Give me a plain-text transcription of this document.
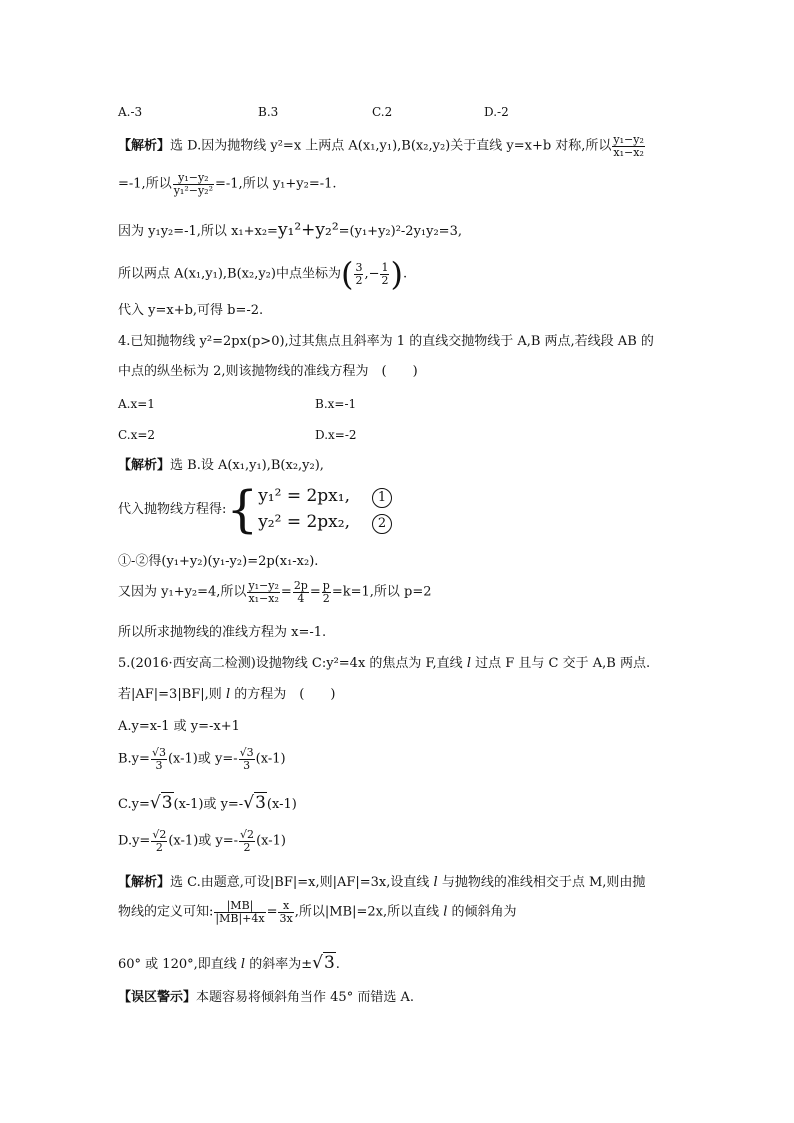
A.-3	B.3	C.2	D.-2
【解析】选 D.因为抛物线 y²=x 上两点 A(x₁,y₁),B(x₂,y₂)关于直线 y=x+b 对称,所以 $\frac{\text{y₁−y₂}}{\text{x₁−x₂}}$
=-1,所以 $\frac{\text{y₁−y₂}}{\text{y₁²−y₂²}} =-1$,所以 y₁+y₂=-1.
因为 y₁y₂=-1,所以 x₁+x₂=y₁²+y₂²=(y₁+y₂)²-2y₁y₂=3,
所以两点 A(x₁,y₁),B(x₂,y₂)中点坐标为( $\frac{3}{2}$ ,− $\frac{1}{2}$ ).
代入 y=x+b,可得 b=-2.
4.已知抛物线 y²=2px(p>0),过其焦点且斜率为 1 的直线交抛物线于 A,B 两点,若线段 AB 的
中点的纵坐标为 2,则该抛物线的准线方程为　(　　)
A.x=1	B.x=-1
C.x=2	D.x=-2
【解析】选 B.设 A(x₁,y₁),B(x₂,y₂),
代入抛物线方程得:{ y₁² = 2px₁, 1
y₂² = 2px₂, 2
①-②得(y₁+y₂)(y₁-y₂)=2p(x₁-x₂).
又因为 y₁+y₂=4,所以 $\frac{\text{y₁−y₂}}{\text{x₁−x₂}} = \frac{2p}{4} = \frac{p}{2} =k=1$,所以 p=2
所以所求抛物线的准线方程为 x=-1.
5.(2016·西安高二检测)设抛物线 C:y²=4x 的焦点为 F,直线 l 过点 F 且与 C 交于 A,B 两点.
若|AF|=3|BF|,则 l 的方程为　(　　)
A.y=x-1 或 y=-x+1
$B.y= \frac{√3}{3} (x-1)$或 $y=- \frac{√3}{3} (x-1)$
C.y=√3(x-1)或 y=-√3(x-1)
$D.y= \frac{√2}{2} (x-1)$或 $y=- \frac{√2}{2} (x-1)$
【解析】选 C.由题意,可设|BF|=x,则|AF|=3x,设直线 l 与抛物线的准线相交于点 M,则由抛
物线的定义可知: $\frac{|MB|}{|MB|+4x} = \frac{x}{3x}$ ,所以|MB|=2x,所以直线 l 的倾斜角为
60° 或 120°,即直线 l 的斜率为±√3.
【误区警示】本题容易将倾斜角当作 45° 而错选 A.
